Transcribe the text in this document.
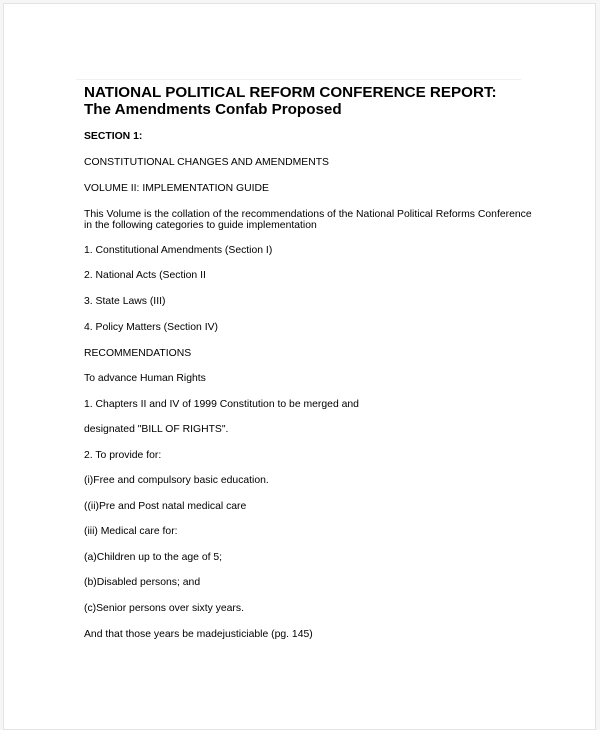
NATIONAL POLITICAL REFORM CONFERENCE REPORT:
The Amendments Confab Proposed
SECTION 1:
CONSTITUTIONAL CHANGES AND AMENDMENTS
VOLUME II: IMPLEMENTATION GUIDE
This Volume is the collation of the recommendations of the National Political Reforms Conference
in the following categories to guide implementation
1. Constitutional Amendments (Section I)
2. National Acts (Section II
3. State Laws (III)
4. Policy Matters (Section IV)
RECOMMENDATIONS
To advance Human Rights
1. Chapters II and IV of 1999 Constitution to be merged and
designated "BILL OF RIGHTS".
2. To provide for:
(i)Free and compulsory basic education.
((ii)Pre and Post natal medical care
(iii) Medical care for:
(a)Children up to the age of 5;
(b)Disabled persons; and
(c)Senior persons over sixty years.
And that those years be madejusticiable (pg. 145)
